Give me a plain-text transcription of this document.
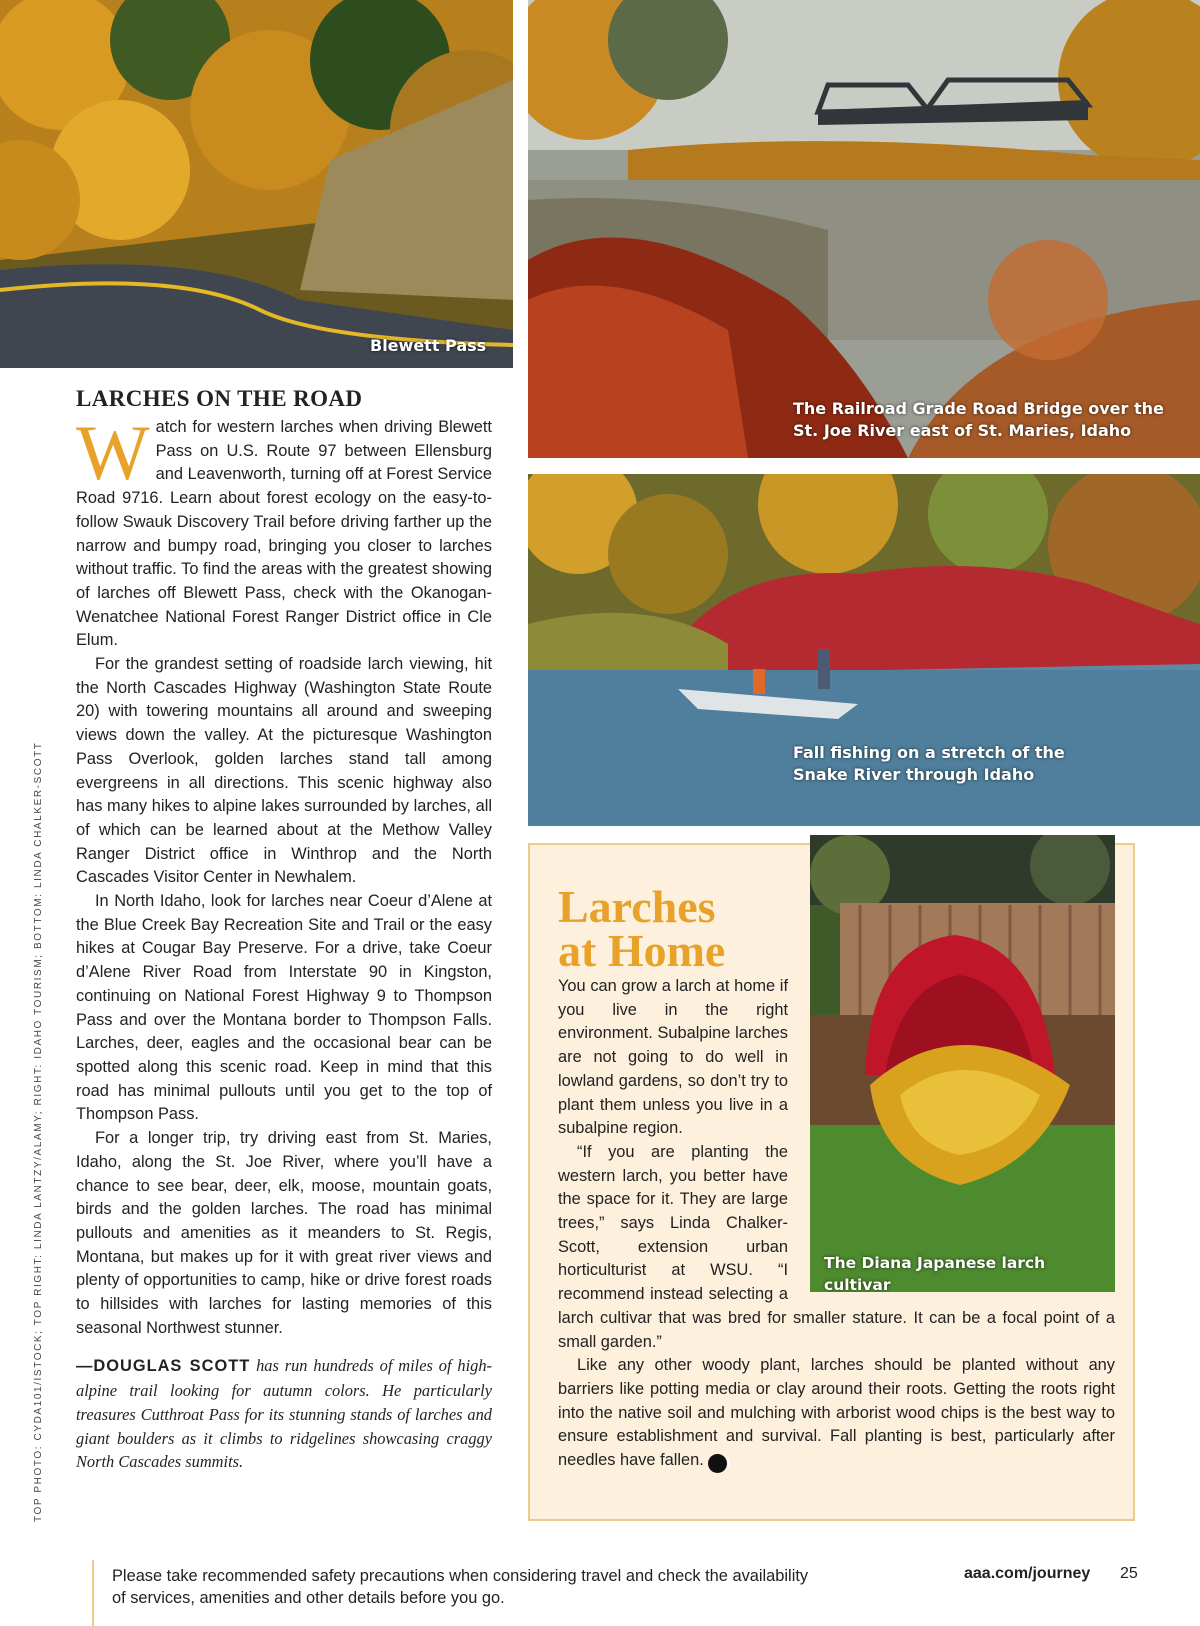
Blewett Pass
The Railroad Grade Road Bridge over the St. Joe River east of St. Maries, Idaho
Fall fishing on a stretch of the Snake River through Idaho
TOP PHOTO: CYDA101/ISTOCK; TOP RIGHT: LINDA LANTZY/ALAMY; RIGHT: IDAHO TOURISM; BOTTOM: LINDA CHALKER-SCOTT
LARCHES ON THE ROAD

Watch for western larches when driving Blewett Pass on U.S. Route 97 between Ellensburg and Leavenworth, turning off at Forest Service Road 9716. Learn about forest ecology on the easy-to-follow Swauk Discovery Trail before driving farther up the narrow and bumpy road, bringing you closer to larches without traffic. To find the areas with the greatest showing of larches off Blewett Pass, check with the Okanogan-Wenatchee National Forest Ranger District office in Cle Elum.

For the grandest setting of roadside larch viewing, hit the North Cascades Highway (Washington State Route 20) with towering mountains all around and sweeping views down the valley. At the picturesque Washington Pass Overlook, golden larches stand tall among evergreens in all directions. This scenic highway also has many hikes to alpine lakes surrounded by larches, all of which can be learned about at the Methow Valley Ranger District office in Winthrop and the North Cascades Visitor Center in Newhalem.

In North Idaho, look for larches near Coeur d’Alene at the Blue Creek Bay Recreation Site and Trail or the easy hikes at Cougar Bay Preserve. For a drive, take Coeur d’Alene River Road from Interstate 90 in Kingston, continuing on National Forest Highway 9 to Thompson Pass and over the Montana border to Thompson Falls. Larches, deer, eagles and the occasional bear can be spotted along this scenic road. Keep in mind that this road has minimal pullouts until you get to the top of Thompson Pass.

For a longer trip, try driving east from St. Maries, Idaho, along the St. Joe River, where you’ll have a chance to see bear, deer, elk, moose, mountain goats, birds and the golden larches. The road has minimal pullouts and amenities as it meanders to St. Regis, Montana, but makes up for it with great river views and plenty of opportunities to camp, hike or drive forest roads to hillsides with larches for lasting memories of this seasonal Northwest stunner.

—DOUGLAS SCOTT has run hundreds of miles of high-alpine trail looking for autumn colors. He particularly treasures Cutthroat Pass for its stunning stands of larches and giant boulders as it climbs to ridgelines showcasing craggy North Cascades summits.

Larches
at Home
The Diana Japanese larch cultivar

You can grow a larch at home if you live in the right environment. Subalpine larches are not going to do well in lowland gardens, so don’t try to plant them unless you live in a subalpine region.

“If you are planting the western larch, you better have the space for it. They are large trees,” says Linda Chalker-Scott, extension urban horticulturist at WSU. “I recommend instead selecting a larch cultivar that was bred for smaller stature. It can be a focal point of a small garden.”

Like any other woody plant, larches should be planted without any barriers like potting media or clay around their roots. Getting the roots right into the native soil and mulching with arborist wood chips is the best way to ensure establishment and survival. Fall planting is best, particularly after needles have fallen. i

Please take recommended safety precautions when considering travel and check the availability of services, amenities and other details before you go.
aaa.com/journey 25
